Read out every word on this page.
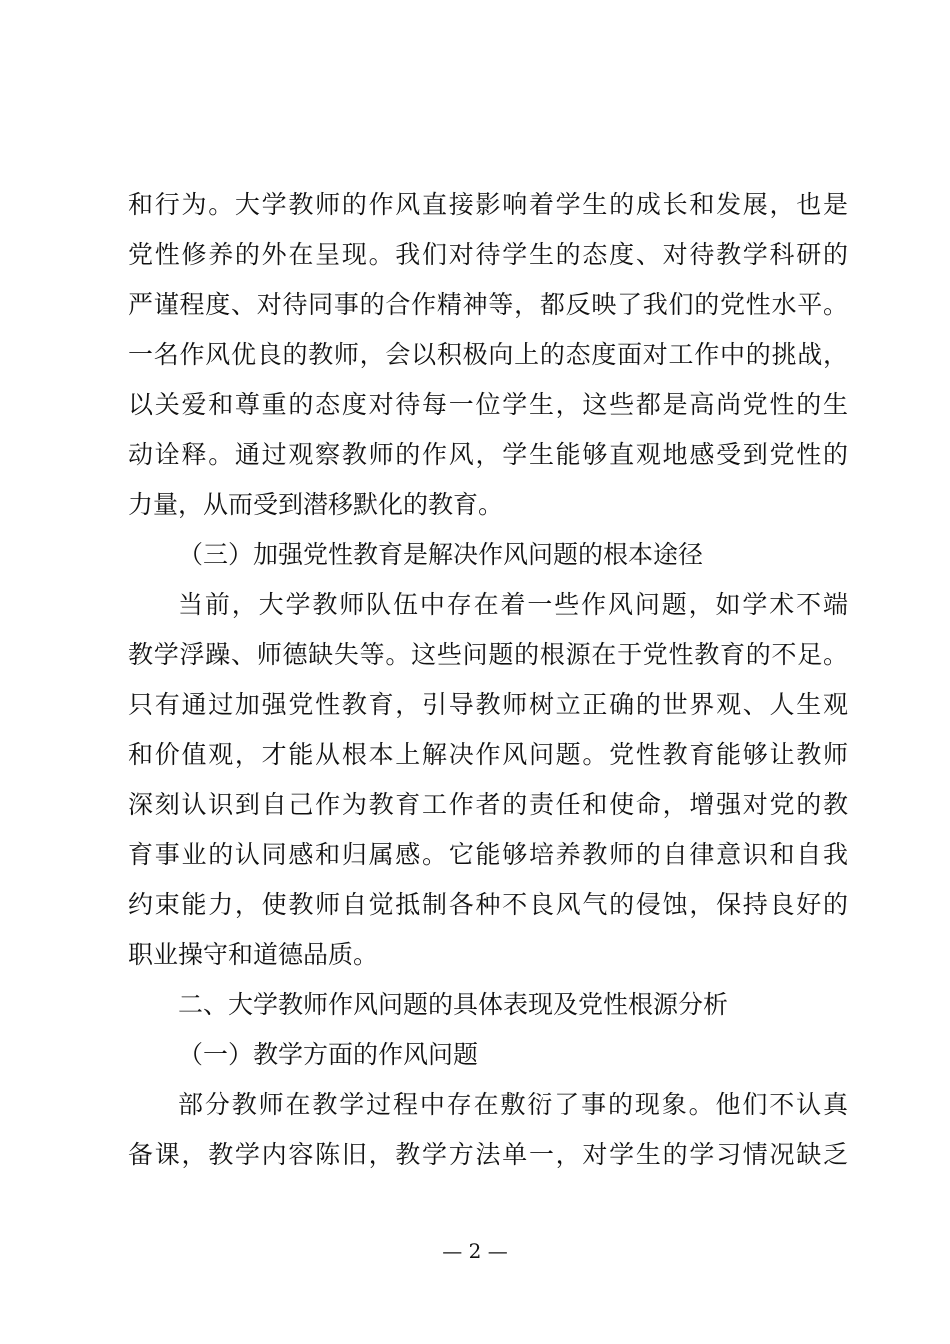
和行为。大学教师的作风直接影响着学生的成长和发展，也是
党性修养的外在呈现。我们对待学生的态度、对待教学科研的
严谨程度、对待同事的合作精神等，都反映了我们的党性水平。
一名作风优良的教师，会以积极向上的态度面对工作中的挑战，
以关爱和尊重的态度对待每一位学生，这些都是高尚党性的生
动诠释。通过观察教师的作风，学生能够直观地感受到党性的
力量，从而受到潜移默化的教育。
（三）加强党性教育是解决作风问题的根本途径
当前，大学教师队伍中存在着一些作风问题，如学术不端
教学浮躁、师德缺失等。这些问题的根源在于党性教育的不足。
只有通过加强党性教育，引导教师树立正确的世界观、人生观
和价值观，才能从根本上解决作风问题。党性教育能够让教师
深刻认识到自己作为教育工作者的责任和使命，增强对党的教
育事业的认同感和归属感。它能够培养教师的自律意识和自我
约束能力，使教师自觉抵制各种不良风气的侵蚀，保持良好的
职业操守和道德品质。
二、大学教师作风问题的具体表现及党性根源分析
（一）教学方面的作风问题
部分教师在教学过程中存在敷衍了事的现象。他们不认真
备课，教学内容陈旧，教学方法单一，对学生的学习情况缺乏
— 2 —
